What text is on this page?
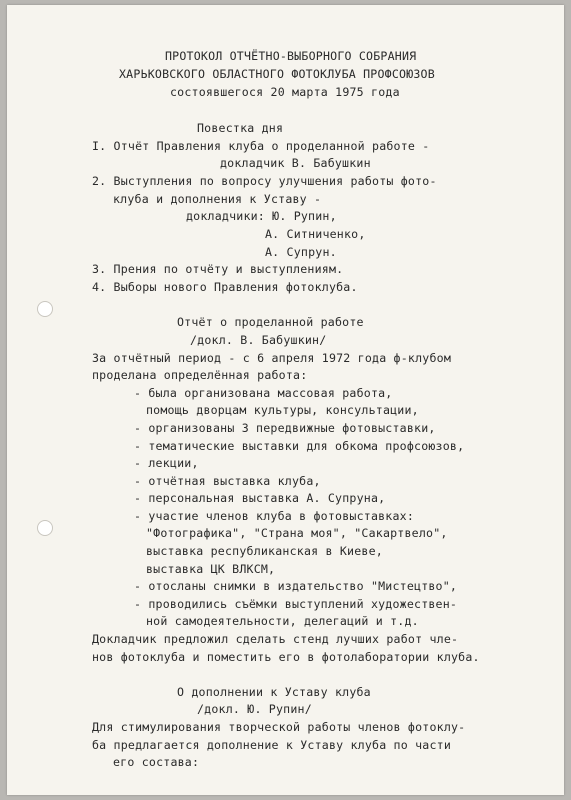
ПРОТОКОЛ ОТЧЁТНО-ВЫБОРНОГО СОБРАНИЯ
ХАРЬКОВСКОГО ОБЛАСТНОГО ФОТОКЛУБА ПРОФСОЮЗОВ
состоявшегося 20 марта 1975 года
Повестка дня
I. Отчёт Правления клуба о проделанной работе -
докладчик В. Бабушкин
2. Выступления по вопросу улучшения работы фото-
клуба и дополнения к Уставу -
докладчики: Ю. Рупин,
А. Ситниченко,
А. Супрун.
3. Прения по отчёту и выступлениям.
4. Выборы нового Правления фотоклуба.
Отчёт о проделанной работе
/докл. В. Бабушкин/
За отчётный период - с 6 апреля 1972 года ф-клубом
проделана определённая работа:
- была организована массовая работа,
помощь дворцам культуры, консультации,
- организованы 3 передвижные фотовыставки,
- тематические выставки для обкома профсоюзов,
- лекции,
- отчётная выставка клуба,
- персональная выставка А. Супруна,
- участие членов клуба в фотовыставках:
"Фотографика", "Страна моя", "Сакартвело",
выставка республиканская в Киеве,
выставка ЦК ВЛКСМ,
- отосланы снимки в издательство "Мистецтво",
- проводились съёмки выступлений художествен-
ной самодеятельности, делегаций и т.д.
Докладчик предложил сделать стенд лучших работ чле-
нов фотоклуба и поместить его в фотолаборатории клуба.
О дополнении к Уставу клуба
/докл. Ю. Рупин/
Для стимулирования творческой работы членов фотоклу-
ба предлагается дополнение к Уставу клуба по части
его состава:
